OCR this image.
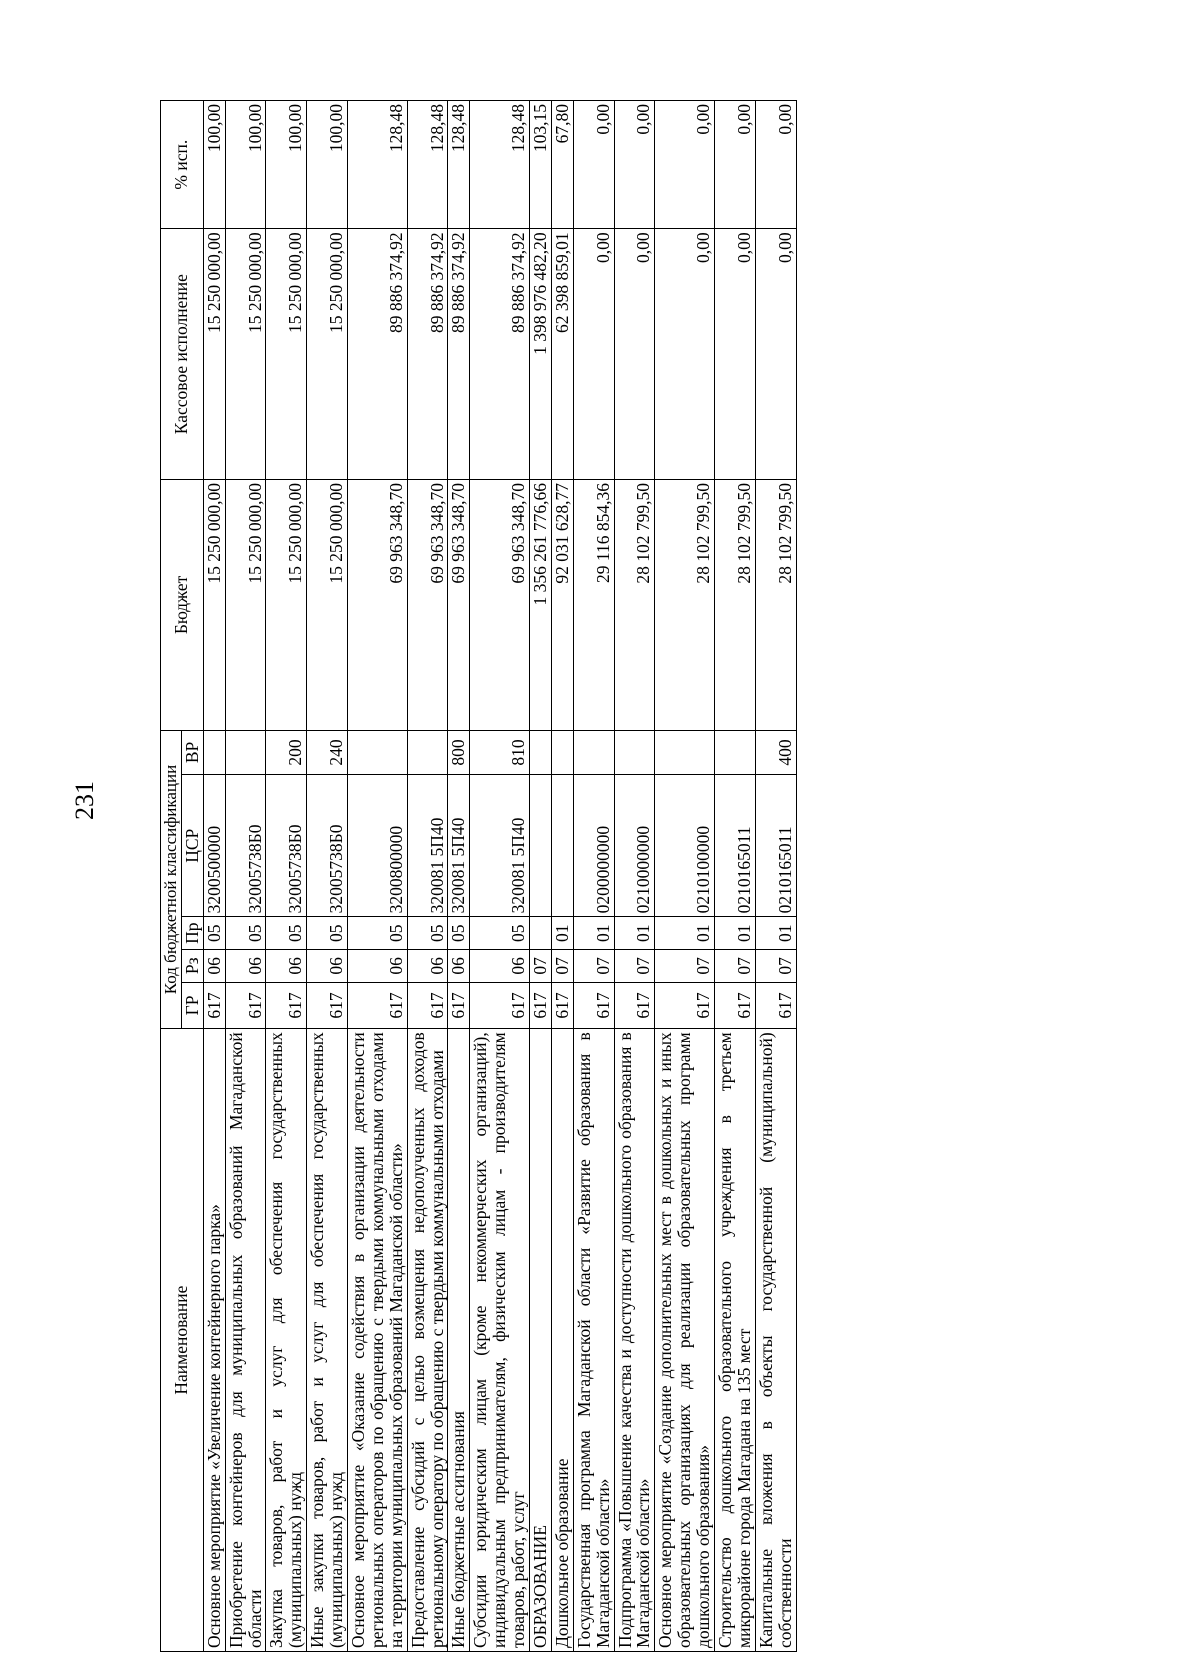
231
Наименование	Код бюджетной классификации					Бюджет	Кассовое исполнение	% исп.
	ГР	Рз	Пр	ЦСР	ВР			
Основное мероприятие «Увеличение контейнерного парка»	617	06	05	3200500000		15 250 000,00	15 250 000,00	100,00
Приобретение контейнеров для муниципальных образований Магаданской области	617	06	05	32005738Б0		15 250 000,00	15 250 000,00	100,00
Закупка товаров, работ и услуг для обеспечения государственных (муниципальных) нужд	617	06	05	32005738Б0	200	15 250 000,00	15 250 000,00	100,00
Иные закупки товаров, работ и услуг для обеспечения государственных (муниципальных) нужд	617	06	05	32005738Б0	240	15 250 000,00	15 250 000,00	100,00
Основное мероприятие «Оказание содействия в организации деятельности региональных операторов по обращению с твердыми коммунальными отходами на территории муниципальных образований Магаданской области»	617	06	05	3200800000		69 963 348,70	89 886 374,92	128,48
Предоставление субсидий с целью возмещения недополученных доходов региональному оператору по обращению с твердыми коммунальными отходами	617	06	05	320081 5П40		69 963 348,70	89 886 374,92	128,48
Иные бюджетные ассигнования	617	06	05	320081 5П40	800	69 963 348,70	89 886 374,92	128,48
Субсидии юридическим лицам (кроме некоммерческих организаций), индивидуальным предпринимателям, физическим лицам - производителям товаров, работ, услуг	617	06	05	320081 5П40	810	69 963 348,70	89 886 374,92	128,48
ОБРАЗОВАНИЕ	617	07				1 356 261 776,66	1 398 976 482,20	103,15
Дошкольное образование	617	07	01			92 031 628,77	62 398 859,01	67,80
Государственная программа Магаданской области «Развитие образования в Магаданской области»	617	07	01	0200000000		29 116 854,36	0,00	0,00
Подпрограмма «Повышение качества и доступности дошкольного образования в Магаданской области»	617	07	01	0210000000		28 102 799,50	0,00	0,00
Основное мероприятие «Создание дополнительных мест в дошкольных и иных образовательных организациях для реализации образовательных программ дошкольного образования»	617	07	01	0210100000		28 102 799,50	0,00	0,00
Строительство дошкольного образовательного учреждения в третьем микрорайоне города Магадана на 135 мест	617	07	01	0210165011		28 102 799,50	0,00	0,00
Капитальные вложения в объекты государственной (муниципальной) собственности	617	07	01	0210165011	400	28 102 799,50	0,00	0,00
